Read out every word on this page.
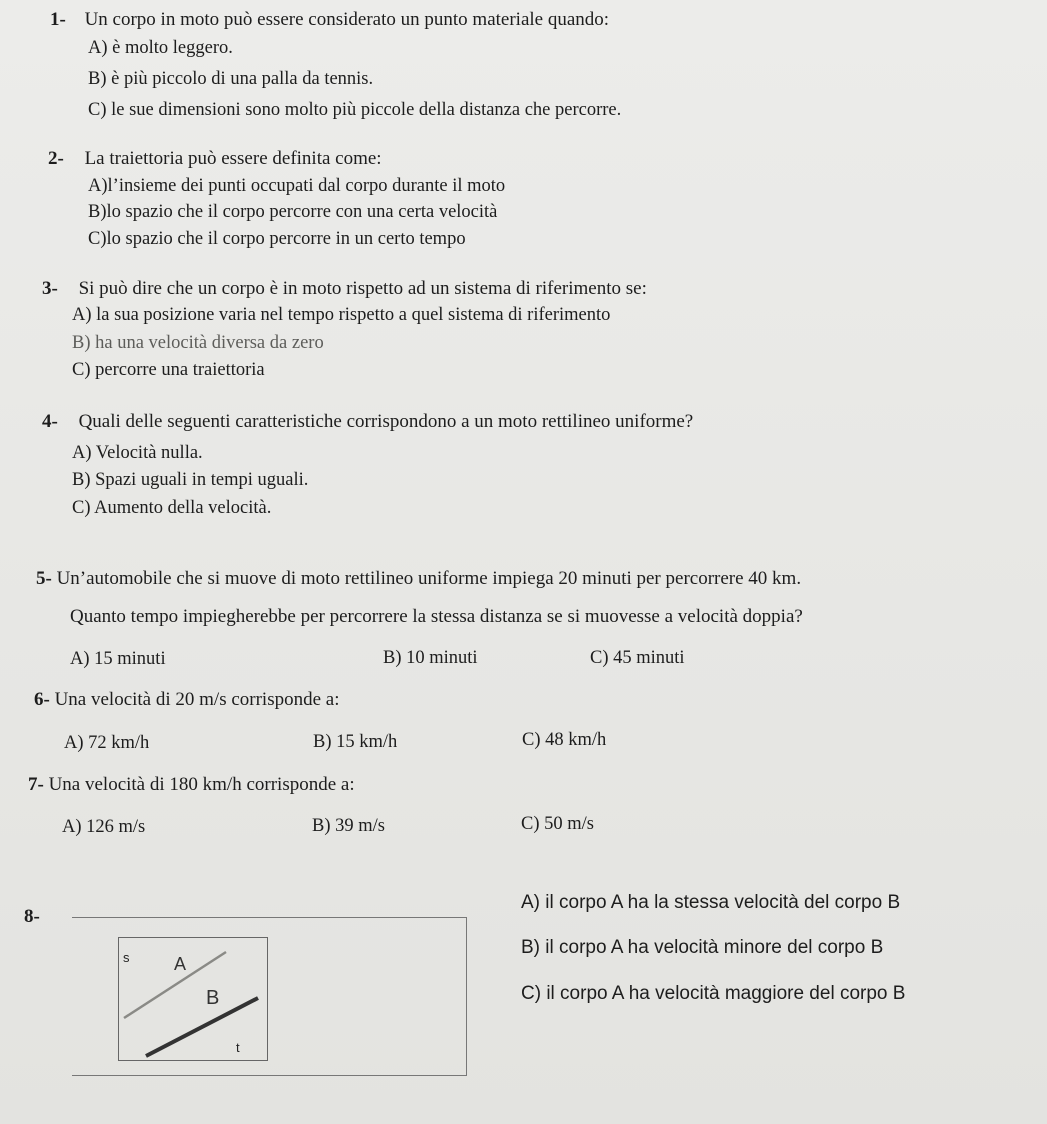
1- Un corpo in moto può essere considerato un punto materiale quando:
A) è molto leggero.
B) è più piccolo di una palla da tennis.
C) le sue dimensioni sono molto più piccole della distanza che percorre.
2- La traiettoria può essere definita come:
A)l’insieme dei punti occupati dal corpo durante il moto
B)lo spazio che il corpo percorre con una certa velocità
C)lo spazio che il corpo percorre in un certo tempo
3- Si può dire che un corpo è in moto rispetto ad un sistema di riferimento se:
A) la sua posizione varia nel tempo rispetto a quel sistema di riferimento
B) ha una velocità diversa da zero
C) percorre una traiettoria
4- Quali delle seguenti caratteristiche corrispondono a un moto rettilineo uniforme?
A) Velocità nulla.
B) Spazi uguali in tempi uguali.
C) Aumento della velocità.
5- Un’automobile che si muove di moto rettilineo uniforme impiega 20 minuti per percorrere 40 km.
Quanto tempo impiegherebbe per percorrere la stessa distanza se si muovesse a velocità doppia?
A) 15 minuti	B) 10 minuti	C) 45 minuti
6- Una velocità di 20 m/s corrisponde a:
A) 72 km/h	B) 15 km/h	C) 48 km/h
7- Una velocità di 180 km/h corrisponde a:
A) 126 m/s	B) 39 m/s	C) 50 m/s
8-
s A
B
t
A) il corpo A ha la stessa velocità del corpo B
B) il corpo A ha velocità minore del corpo B
C) il corpo A ha velocità maggiore del corpo B
